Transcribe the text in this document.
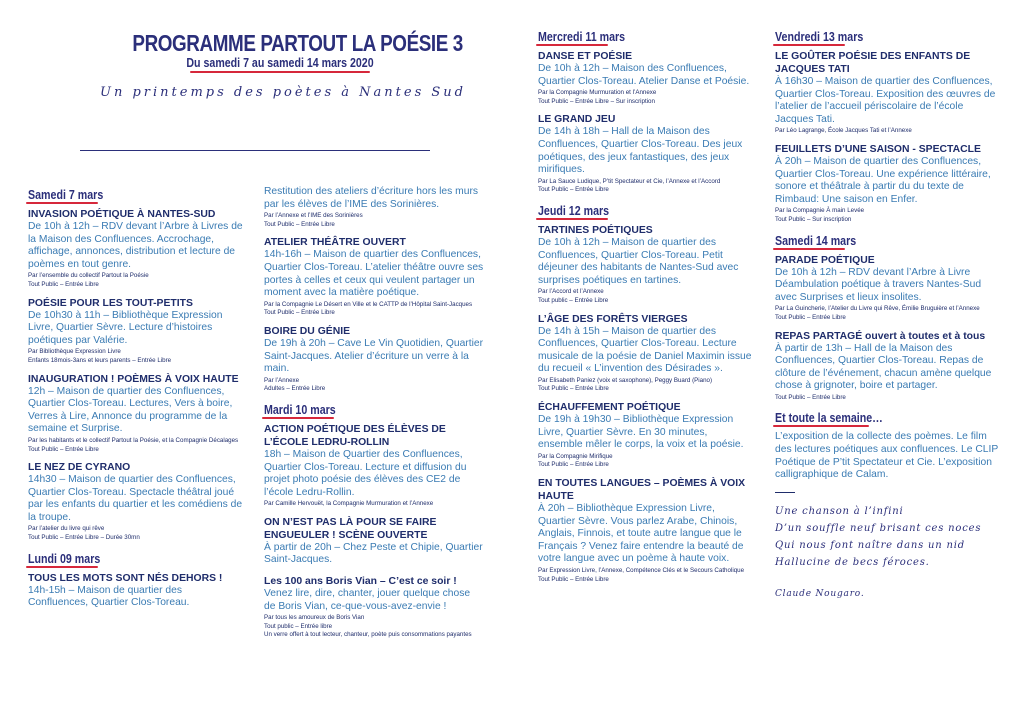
PROGRAMME PARTOUT LA POÉSIE 3
Du samedi 7 au samedi 14 mars 2020
Un printemps des poètes à Nantes Sud
Samedi 7 mars
INVASION POÉTIQUE À NANTES-SUD
De 10h à 12h – RDV devant l’Arbre à Livres de la Maison des Confluences. Accrochage, affichage, annonces, distribution et lecture de poèmes en tout genre.
Par l’ensemble du collectif Partout la Poésie
Tout Public – Entrée Libre
POÉSIE POUR LES TOUT-PETITS
De 10h30 à 11h – Bibliothèque Expression Livre, Quartier Sèvre. Lecture d’histoires poétiques par Valérie.
Par Bibliothèque Expression Livre
Enfants 18mois-3ans et leurs parents – Entrée Libre
INAUGURATION ! POÈMES À VOIX HAUTE
12h – Maison de quartier des Confluences, Quartier Clos-Toreau. Lectures, Vers à boire, Verres à Lire, Annonce du programme de la semaine et Surprise.
Par les habitants et le collectif Partout la Poésie, et la Compagnie Décalages
Tout Public – Entrée Libre
LE NEZ DE CYRANO
14h30 – Maison de quartier des Confluences, Quartier Clos-Toreau. Spectacle théâtral joué par les enfants du quartier et les comédiens de la troupe.
Par l’atelier du livre qui rêve
Tout Public – Entrée Libre – Durée 30mn
Lundi 09 mars
TOUS LES MOTS SONT NÉS DEHORS !
14h-15h – Maison de quartier des Confluences, Quartier Clos-Toreau.
Restitution des ateliers d’écriture hors les murs par les élèves de l’IME des Sorinières.
Par l’Annexe et l’IME des Sorinières
Tout Public – Entrée Libre
ATELIER THÉÂTRE OUVERT
14h-16h – Maison de quartier des Confluences, Quartier Clos-Toreau. L’atelier théâtre ouvre ses portes à celles et ceux qui veulent partager un moment avec la matière poétique.
Par la Compagnie Le Désert en Ville et le CATTP de l’Hôpital Saint-Jacques
Tout Public – Entrée Libre
BOIRE DU GÉNIE
De 19h à 20h – Cave Le Vin Quotidien, Quartier Saint-Jacques. Atelier d’écriture un verre à la main.
Par l’Annexe
Adultes – Entrée Libre
Mardi 10 mars
ACTION POÉTIQUE DES ÉLÈVES DE L’ÉCOLE LEDRU-ROLLIN
18h – Maison de Quartier des Confluences, Quartier Clos-Toreau. Lecture et diffusion du projet photo poésie des élèves des CE2 de l’école Ledru-Rollin.
Par Camille Hervouët, la Compagnie Murmuration et l’Annexe
ON N’EST PAS LÀ POUR SE FAIRE ENGUEULER ! SCÈNE OUVERTE
À partir de 20h – Chez Peste et Chipie, Quartier Saint-Jacques.
Les 100 ans Boris Vian – C’est ce soir !
Venez lire, dire, chanter, jouer quelque chose de Boris Vian, ce-que-vous-avez-envie !
Par tous les amoureux de Boris Vian
Tout public – Entrée libre
Un verre offert à tout lecteur, chanteur, poète puis consommations payantes
Mercredi 11 mars
DANSE ET POÉSIE
De 10h à 12h – Maison des Confluences, Quartier Clos-Toreau. Atelier Danse et Poésie.
Par la Compagnie Murmuration et l’Annexe
Tout Public – Entrée Libre – Sur inscription
LE GRAND JEU
De 14h à 18h – Hall de la Maison des Confluences, Quartier Clos-Toreau. Des jeux poétiques, des jeux fantastiques, des jeux mirifiques.
Par La Sauce Ludique, P’tit Spectateur et Cie, l’Annexe et l’Accord
Tout Public – Entrée Libre
Jeudi 12 mars
TARTINES POÉTIQUES
De 10h à 12h – Maison de quartier des Confluences, Quartier Clos-Toreau. Petit déjeuner des habitants de Nantes-Sud avec surprises poétiques en tartines.
Par l’Accord et l’Annexe
Tout public – Entrée Libre
L’ÂGE DES FORÊTS VIERGES
De 14h à 15h – Maison de quartier des Confluences, Quartier Clos-Toreau. Lecture musicale de la poésie de Daniel Maximin issue du recueil « L’invention des Désirades ».
Par Elisabeth Paniez (voix et saxophone), Peggy Buard (Piano)
Tout Public – Entrée Libre
ÉCHAUFFEMENT POÉTIQUE
De 19h à 19h30 – Bibliothèque Expression Livre, Quartier Sèvre. En 30 minutes, ensemble mêler le corps, la voix et la poésie.
Par la Compagnie Mirifique
Tout Public – Entrée Libre
EN TOUTES LANGUES – POÈMES À VOIX HAUTE
À 20h – Bibliothèque Expression Livre, Quartier Sèvre. Vous parlez Arabe, Chinois, Anglais, Finnois, et toute autre langue que le Français ? Venez faire entendre la beauté de votre langue avec un poème à haute voix.
Par Expression Livre, l’Annexe, Compétence Clés et le Secours Catholique
Tout Public – Entrée Libre
Vendredi 13 mars
LE GOÛTER POÉSIE DES ENFANTS DE JACQUES TATI
À 16h30 – Maison de quartier des Confluences, Quartier Clos-Toreau. Exposition des œuvres de l’atelier de l’accueil périscolaire de l’école Jacques Tati.
Par Léo Lagrange, École Jacques Tati et l’Annexe
FEUILLETS D’UNE SAISON - SPECTACLE
À 20h – Maison de quartier des Confluences, Quartier Clos-Toreau. Une expérience littéraire, sonore et théâtrale à partir du du texte de Rimbaud: Une saison en Enfer.
Par la Compagnie À main Levée
Tout Public – Sur inscription
Samedi 14 mars
PARADE POÉTIQUE
De 10h à 12h – RDV devant l’Arbre à Livre Déambulation poétique à travers Nantes-Sud avec Surprises et lieux insolites.
Par La Guincherie, l’Atelier du Livre qui Rêve, Émilie Bruguière et l’Annexe
Tout Public – Entrée Libre
REPAS PARTAGÉ ouvert à toutes et à tous
À partir de 13h – Hall de la Maison des Confluences, Quartier Clos-Toreau. Repas de clôture de l’événement, chacun amène quelque chose à grignoter, boire et partager.
Tout Public – Entrée Libre
Et toute la semaine…
L’exposition de la collecte des poèmes. Le film des lectures poétiques aux confluences. Le CLIP Poétique de P’tit Spectateur et Cie. L’exposition calligraphique de Calam.
Une chanson à l’infini
D’un souffle neuf brisant ces noces
Qui nous font naître dans un nid
Hallucine de becs féroces.
Claude Nougaro.
